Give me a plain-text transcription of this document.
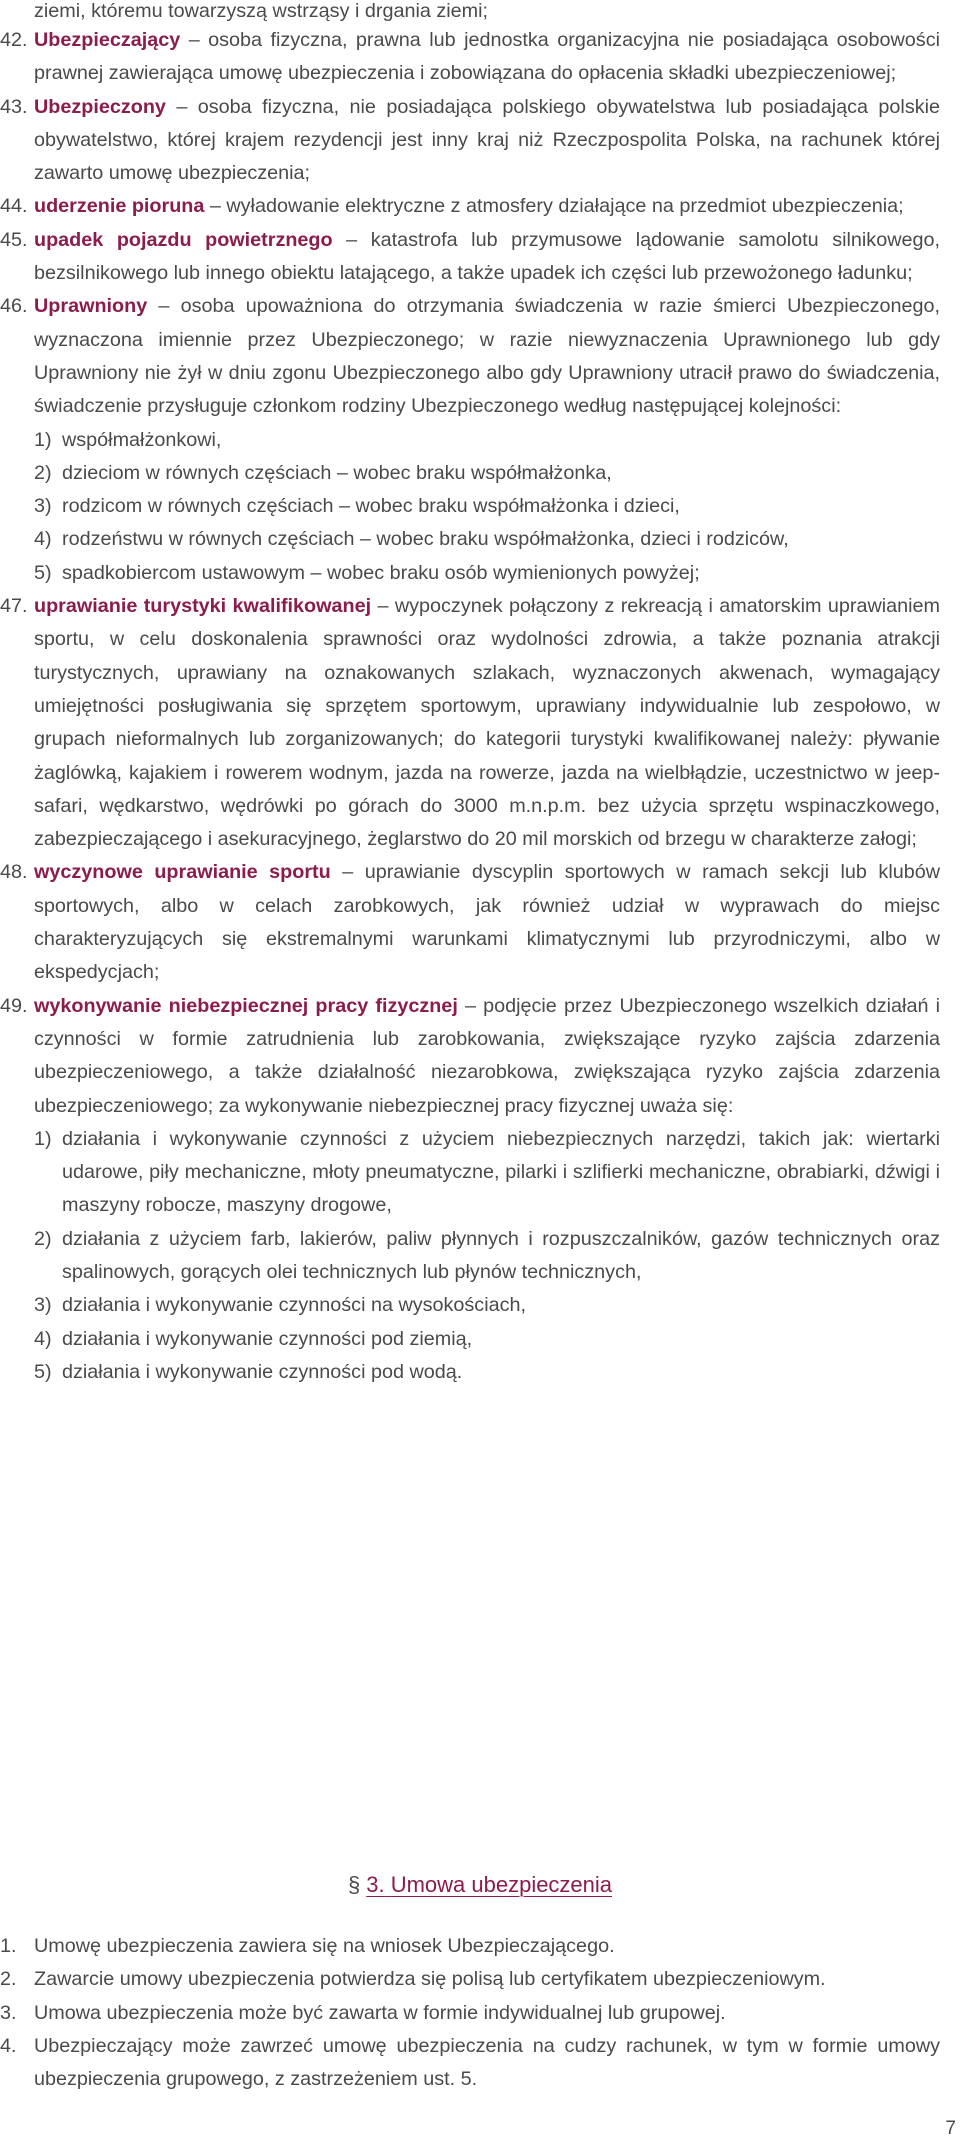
ziemi, któremu towarzyszą wstrząsy i drgania ziemi;
42. Ubezpieczający – osoba fizyczna, prawna lub jednostka organizacyjna nie posiadająca osobowości prawnej zawierająca umowę ubezpieczenia i zobowiązana do opłacenia składki ubezpieczeniowej;
43. Ubezpieczony – osoba fizyczna, nie posiadająca polskiego obywatelstwa lub posiadająca polskie obywatelstwo, której krajem rezydencji jest inny kraj niż Rzeczpospolita Polska, na rachunek której zawarto umowę ubezpieczenia;
44. uderzenie pioruna – wyładowanie elektryczne z atmosfery działające na przedmiot ubezpieczenia;
45. upadek pojazdu powietrznego – katastrofa lub przymusowe lądowanie samolotu silnikowego, bezsilnikowego lub innego obiektu latającego, a także upadek ich części lub przewożonego ładunku;
46. Uprawniony – osoba upoważniona do otrzymania świadczenia w razie śmierci Ubezpieczonego, wyznaczona imiennie przez Ubezpieczonego; w razie niewyznaczenia Uprawnionego lub gdy Uprawniony nie żył w dniu zgonu Ubezpieczonego albo gdy Uprawniony utracił prawo do świadczenia, świadczenie przysługuje członkom rodziny Ubezpieczonego według następującej kolejności:
1) współmałżonkowi,
2) dzieciom w równych częściach – wobec braku współmałżonka,
3) rodzicom w równych częściach – wobec braku współmałżonka i dzieci,
4) rodzeństwu w równych częściach – wobec braku współmałżonka, dzieci i rodziców,
5) spadkobiercom ustawowym – wobec braku osób wymienionych powyżej;
47. uprawianie turystyki kwalifikowanej – wypoczynek połączony z rekreacją i amatorskim uprawianiem sportu, w celu doskonalenia sprawności oraz wydolności zdrowia, a także poznania atrakcji turystycznych, uprawiany na oznakowanych szlakach, wyznaczonych akwenach, wymagający umiejętności posługiwania się sprzętem sportowym, uprawiany indywidualnie lub zespołowo, w grupach nieformalnych lub zorganizowanych; do kategorii turystyki kwalifikowanej należy: pływanie żaglówką, kajakiem i rowerem wodnym, jazda na rowerze, jazda na wielbłądzie, uczestnictwo w jeep-safari, wędkarstwo, wędrówki po górach do 3000 m.n.p.m. bez użycia sprzętu wspinaczkowego, zabezpieczającego i asekuracyjnego, żeglarstwo do 20 mil morskich od brzegu w charakterze załogi;
48. wyczynowe uprawianie sportu – uprawianie dyscyplin sportowych w ramach sekcji lub klubów sportowych, albo w celach zarobkowych, jak również udział w wyprawach do miejsc charakteryzujących się ekstremalnymi warunkami klimatycznymi lub przyrodniczymi, albo w ekspedycjach;
49. wykonywanie niebezpiecznej pracy fizycznej – podjęcie przez Ubezpieczonego wszelkich działań i czynności w formie zatrudnienia lub zarobkowania, zwiększające ryzyko zajścia zdarzenia ubezpieczeniowego, a także działalność niezarobkowa, zwiększająca ryzyko zajścia zdarzenia ubezpieczeniowego; za wykonywanie niebezpiecznej pracy fizycznej uważa się:
1) działania i wykonywanie czynności z użyciem niebezpiecznych narzędzi, takich jak: wiertarki udarowe, piły mechaniczne, młoty pneumatyczne, pilarki i szlifierki mechaniczne, obrabiarki, dźwigi i maszyny robocze, maszyny drogowe,
2) działania z użyciem farb, lakierów, paliw płynnych i rozpuszczalników, gazów technicznych oraz spalinowych, gorących olei technicznych lub płynów technicznych,
3) działania i wykonywanie czynności na wysokościach,
4) działania i wykonywanie czynności pod ziemią,
5) działania i wykonywanie czynności pod wodą.
§ 3. Umowa ubezpieczenia
1. Umowę ubezpieczenia zawiera się na wniosek Ubezpieczającego.
2. Zawarcie umowy ubezpieczenia potwierdza się polisą lub certyfikatem ubezpieczeniowym.
3. Umowa ubezpieczenia może być zawarta w formie indywidualnej lub grupowej.
4. Ubezpieczający może zawrzeć umowę ubezpieczenia na cudzy rachunek, w tym w formie umowy ubezpieczenia grupowego, z zastrzeżeniem ust. 5.
7
